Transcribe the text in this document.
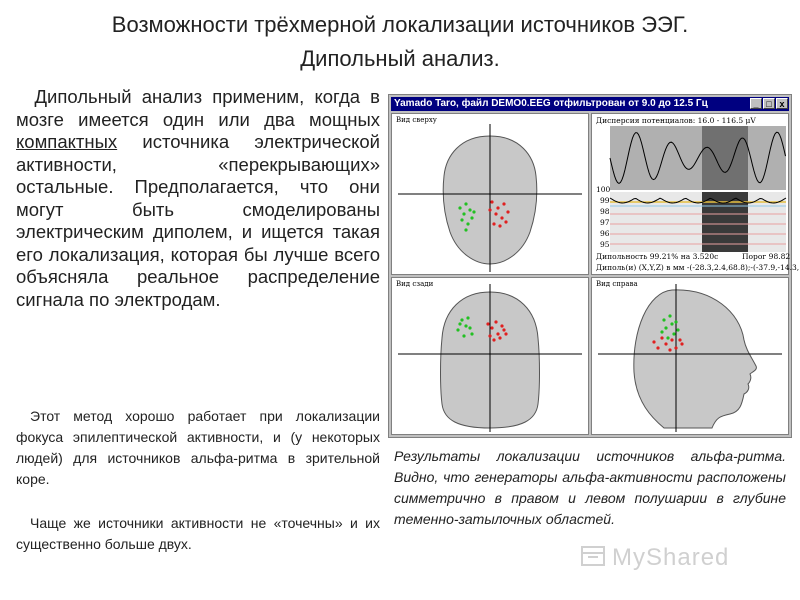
Возможности трёхмерной локализации источников ЭЭГ.
Дипольный анализ.
 Дипольный анализ применим, когда в мозге имеется один или два мощных компактных источника электрической активности, «перекрывающих» остальные. Предполагается, что они могут быть смоделированы электрическим диполем, и ищется такая его локализация, которая бы лучше всего объясняла реальное распределение сигнала по электродам.
Этот метод хорошо работает при локализации фокуса эпилептической активности, и (у некоторых людей) для источников альфа-ритма в зрительной коре.
Чаще же источники активности не «точечны» и их существенно больше двух.
Yamado Taro, файл DEMO0.EEG отфильтрован от 9.0 до 12.5 Гц	_ □ x
Вид сверху	Дисперсия потенциалов: 16.0 - 116.5 μV
100
99
98
97
96
95
Дипольность 99.21% на 3.520с	Порог 98.82
Диполь(и) (X,Y,Z) в мм -(-28.3,2.4,68.8);-(-37.9,-14.3,
Вид сзади	Вид справа
Результаты локализации источников альфа-ритма. Видно, что генераторы альфа-активности расположены симметрично в правом и левом полушарии в глубине теменно-затылочных областей.
MyShared
